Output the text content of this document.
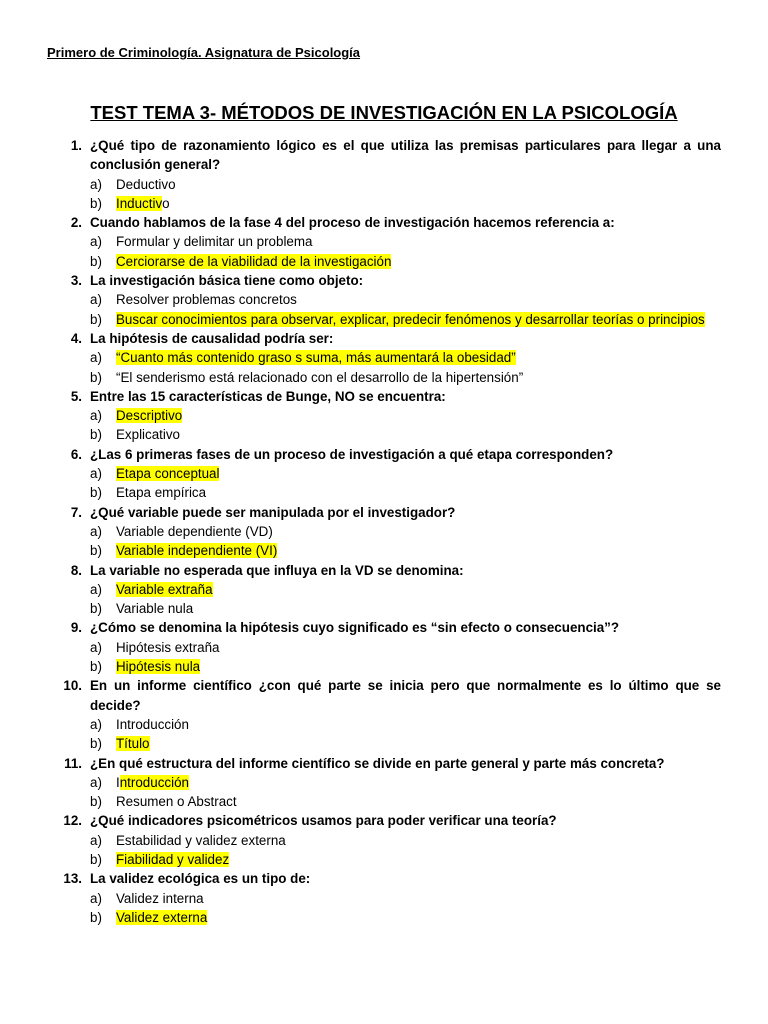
Primero de Criminología. Asignatura de Psicología
TEST TEMA 3- MÉTODOS DE INVESTIGACIÓN EN LA PSICOLOGÍA
1. ¿Qué tipo de razonamiento lógico es el que utiliza las premisas particulares para llegar a una conclusión general?
a)	Deductivo
b)	Inductivo
2. Cuando hablamos de la fase 4 del proceso de investigación hacemos referencia a:
a)	Formular y delimitar un problema
b)	Cerciorarse de la viabilidad de la investigación
3. La investigación básica tiene como objeto:
a)	Resolver problemas concretos
b)	Buscar conocimientos para observar, explicar, predecir fenómenos y desarrollar teorías o principios
4. La hipótesis de causalidad podría ser:
a)	“Cuanto más contenido graso s suma, más aumentará la obesidad”
b)	“El senderismo está relacionado con el desarrollo de la hipertensión”
5. Entre las 15 características de Bunge, NO se encuentra:
a)	Descriptivo
b)	Explicativo
6. ¿Las 6 primeras fases de un proceso de investigación a qué etapa corresponden?
a)	Etapa conceptual
b)	Etapa empírica
7. ¿Qué variable puede ser manipulada por el investigador?
a)	Variable dependiente (VD)
b)	Variable independiente (VI)
8. La variable no esperada que influya en la VD se denomina:
a)	Variable extraña
b)	Variable nula
9. ¿Cómo se denomina la hipótesis cuyo significado es “sin efecto o consecuencia”?
a)	Hipótesis extraña
b)	Hipótesis nula
10. En un informe científico ¿con qué parte se inicia pero que normalmente es lo último que se decide?
a)	Introducción
b)	Título
11. ¿En qué estructura del informe científico se divide en parte general y parte más concreta?
a)	Introducción
b)	Resumen o Abstract
12. ¿Qué indicadores psicométricos usamos para poder verificar una teoría?
a)	Estabilidad y validez externa
b)	Fiabilidad y validez
13. La validez ecológica es un tipo de:
a)	Validez interna
b)	Validez externa
